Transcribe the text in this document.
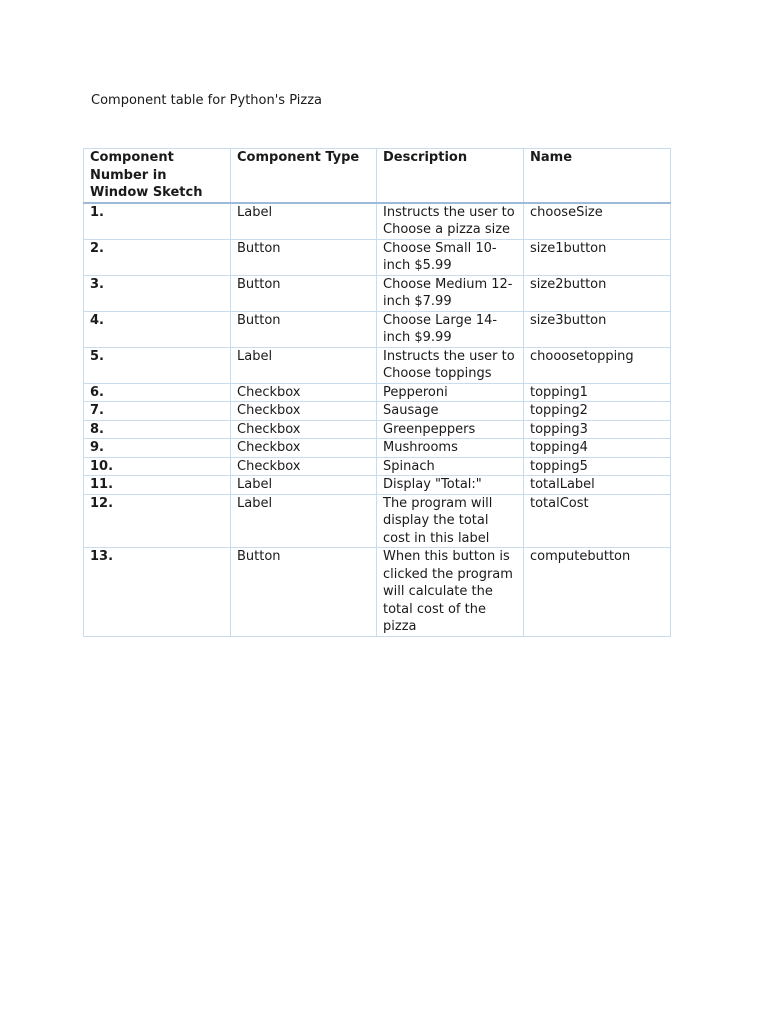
Component table for Python's Pizza
Component Number in Window Sketch	Component Type	Description	Name
1.	Label	Instructs the user to Choose a pizza size	chooseSize
2.	Button	Choose Small 10-inch $5.99	size1button
3.	Button	Choose Medium 12-inch $7.99	size2button
4.	Button	Choose Large 14-inch $9.99	size3button
5.	Label	Instructs the user to Choose toppings	chooosetopping
6.	Checkbox	Pepperoni	topping1
7.	Checkbox	Sausage	topping2
8.	Checkbox	Greenpeppers	topping3
9.	Checkbox	Mushrooms	topping4
10.	Checkbox	Spinach	topping5
11.	Label	Display "Total:"	totalLabel
12.	Label	The program will display the total cost in this label	totalCost
13.	Button	When this button is clicked the program will calculate the total cost of the pizza	computebutton
